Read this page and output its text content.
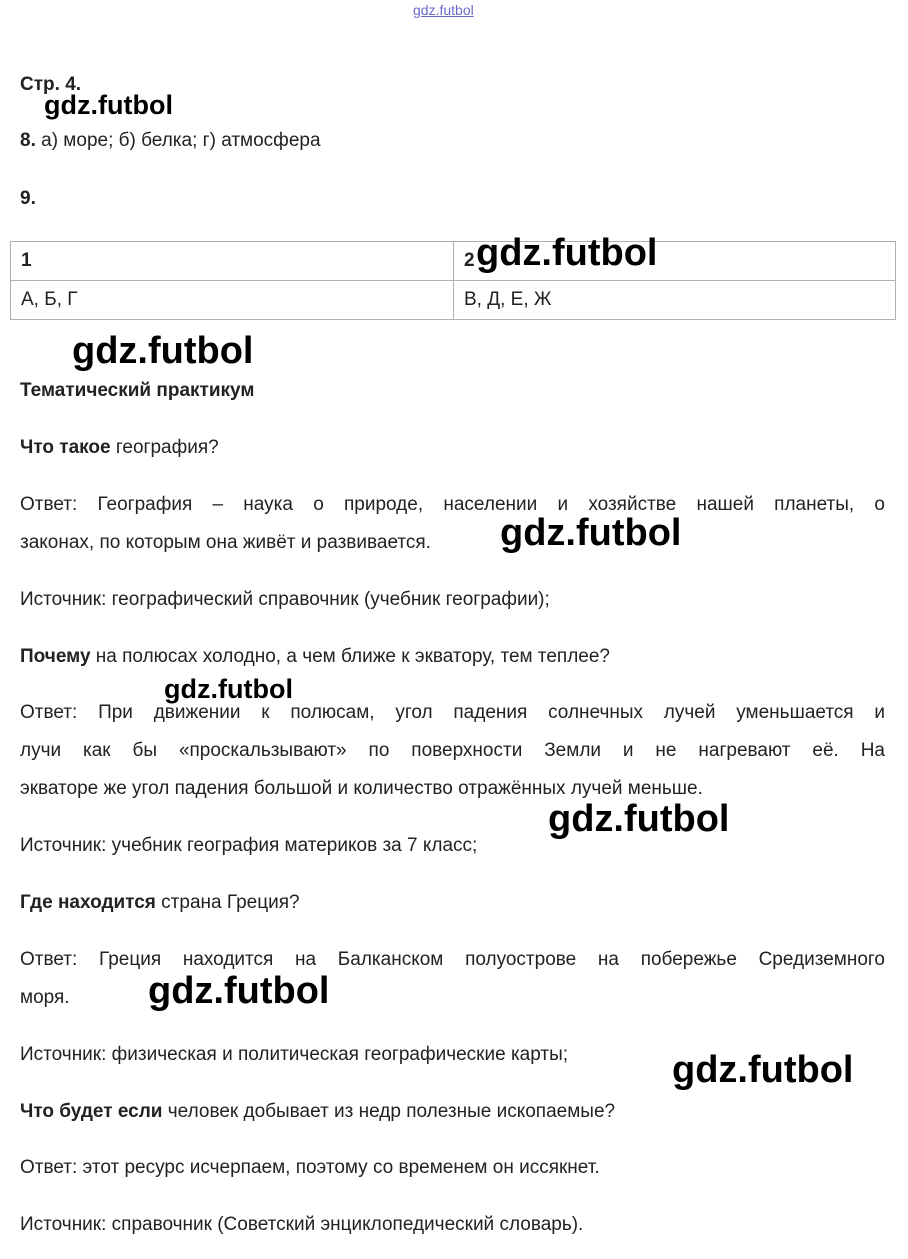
gdz.futbol
Стр. 4.
8. а) море; б) белка; г) атмосфера
9.
1	2
А, Б, Г	В, Д, Е, Ж
Тематический практикум
Что такое география?
Ответ: География – наука о природе, населении и хозяйстве нашей планеты, о
законах, по которым она живёт и развивается.
Источник: географический справочник (учебник географии);
Почему на полюсах холодно, а чем ближе к экватору, тем теплее?
Ответ: При движении к полюсам, угол падения солнечных лучей уменьшается и
лучи как бы «проскальзывают» по поверхности Земли и не нагревают её. На
экваторе же угол падения большой и количество отражённых лучей меньше.
Источник: учебник география материков за 7 класс;
Где находится страна Греция?
Ответ: Греция находится на Балканском полуострове на побережье Средиземного
моря.
Источник: физическая и политическая географические карты;
Что будет если человек добывает из недр полезные ископаемые?
Ответ: этот ресурс исчерпаем, поэтому со временем он иссякнет.
Источник: справочник (Советский энциклопедический словарь).
gdz.futbol
gdz.futbol
gdz.futbol
gdz.futbol
gdz.futbol
gdz.futbol
gdz.futbol
gdz.futbol
